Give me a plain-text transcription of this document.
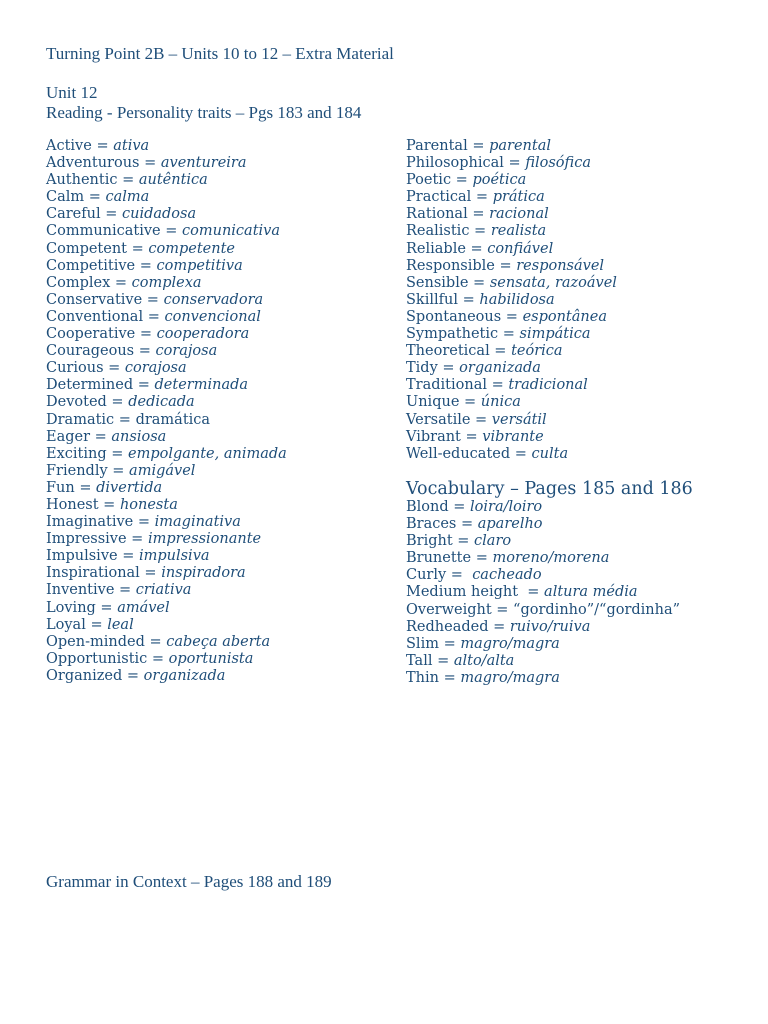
Turning Point 2B – Units 10 to 12 – Extra Material
Unit 12
Reading - Personality traits – Pgs 183 and 184
Active = ativa
Adventurous = aventureira
Authentic = autêntica
Calm = calma
Careful = cuidadosa
Communicative = comunicativa
Competent = competente
Competitive = competitiva
Complex = complexa
Conservative = conservadora
Conventional = convencional
Cooperative = cooperadora
Courageous = corajosa
Curious = corajosa
Determined = determinada
Devoted = dedicada
Dramatic = dramática
Eager = ansiosa
Exciting = empolgante, animada
Friendly = amigável
Fun = divertida
Honest = honesta
Imaginative = imaginativa
Impressive = impressionante
Impulsive = impulsiva
Inspirational = inspiradora
Inventive = criativa
Loving = amável
Loyal = leal
Open-minded = cabeça aberta
Opportunistic = oportunista
Organized = organizada
Parental = parental
Philosophical = filosófica
Poetic = poética
Practical = prática
Rational = racional
Realistic = realista
Reliable = confiável
Responsible = responsável
Sensible = sensata, razoável
Skillful = habilidosa
Spontaneous = espontânea
Sympathetic = simpática
Theoretical = teórica
Tidy = organizada
Traditional = tradicional
Unique = única
Versatile = versátil
Vibrant = vibrante
Well-educated = culta
Vocabulary – Pages 185 and 186
Blond = loira/loiro
Braces = aparelho
Bright = claro
Brunette = moreno/morena
Curly =  cacheado
Medium height  = altura média
Overweight = “gordinho”/“gordinha”
Redheaded = ruivo/ruiva
Slim = magro/magra
Tall = alto/alta
Thin = magro/magra
Grammar in Context – Pages 188 and 189
